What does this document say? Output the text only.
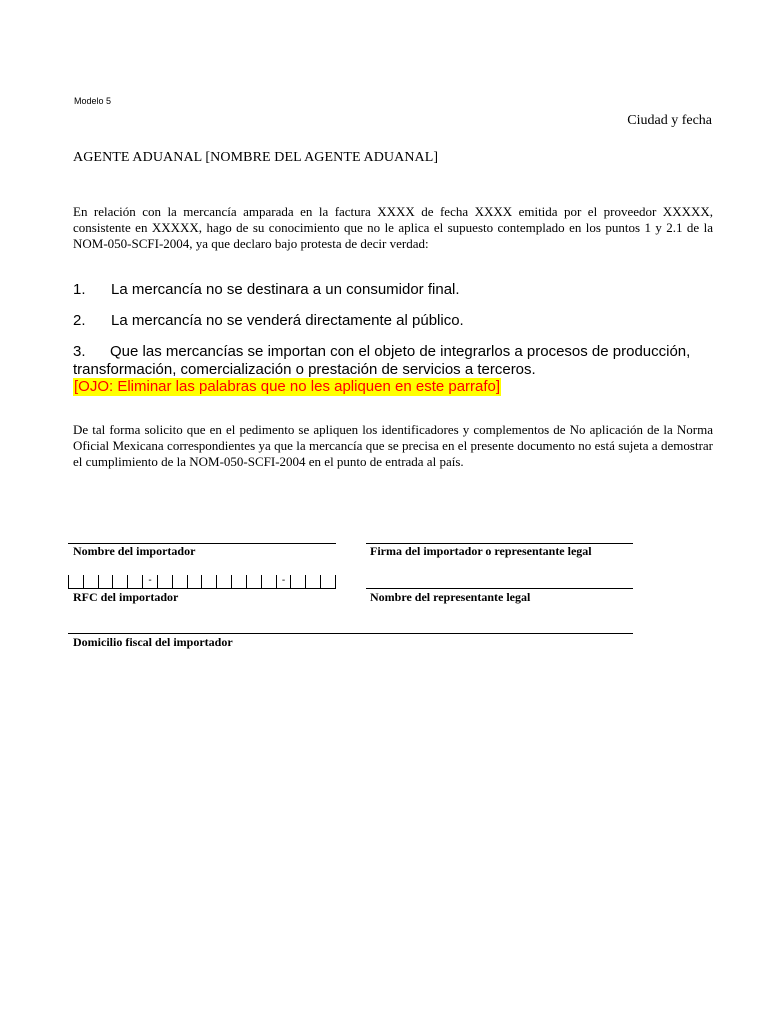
Modelo 5
Ciudad y fecha
AGENTE ADUANAL [NOMBRE DEL AGENTE ADUANAL]
En relación con la mercancía amparada en la factura XXXX de fecha XXXX emitida por el proveedor XXXXX, consistente en XXXXX, hago de su conocimiento que no le aplica el supuesto contemplado en los puntos 1 y 2.1 de la NOM-050-SCFI-2004, ya que declaro bajo protesta de decir verdad:
1. La mercancía no se destinara a un consumidor final.
2. La mercancía no se venderá directamente al público.
3. Que las mercancías se importan con el objeto de integrarlos a procesos de producción, transformación, comercialización o prestación de servicios a terceros.
[OJO: Eliminar las palabras que no les apliquen en este parrafo]
De tal forma solicito que en el pedimento se apliquen los identificadores y complementos de No aplicación de la Norma Oficial Mexicana correspondientes ya que la mercancía que se precisa en el presente documento no está sujeta a demostrar el cumplimiento de la NOM-050-SCFI-2004 en el punto de entrada al país.
Nombre del importador	Firma del importador o representante legal
-	-
RFC del importador	Nombre del representante legal
Domicilio fiscal del importador
